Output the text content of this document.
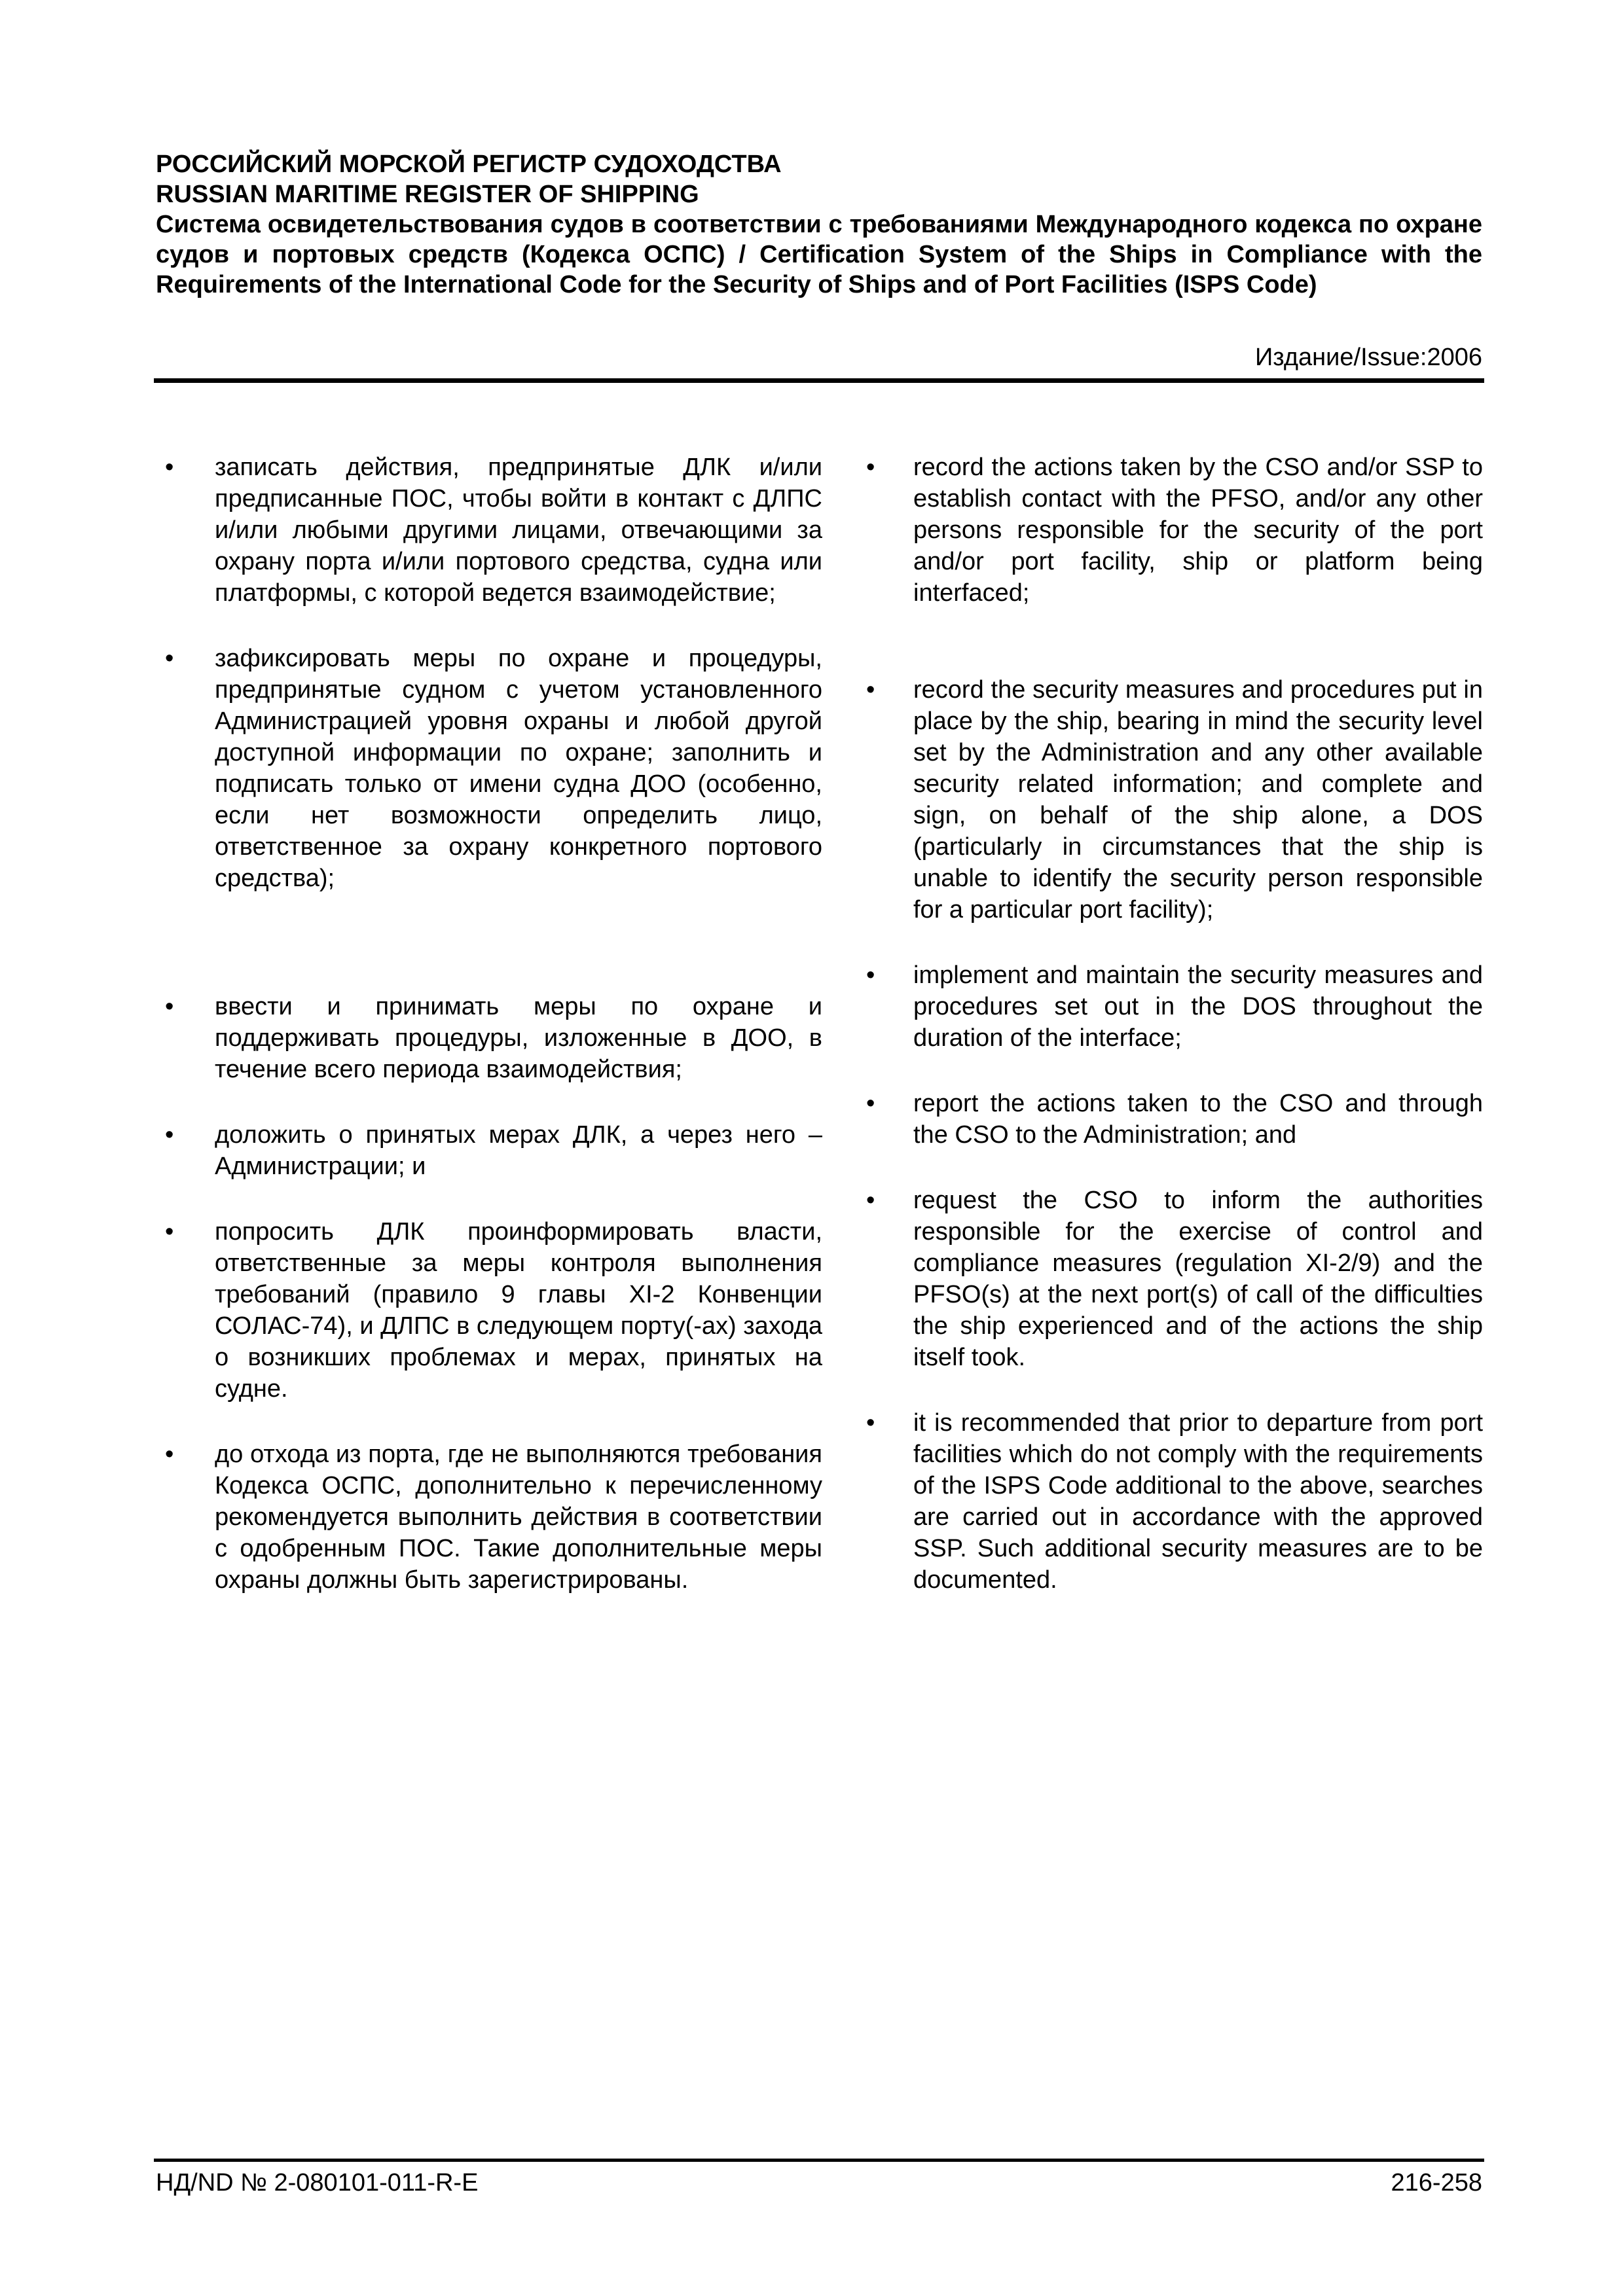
РОССИЙСКИЙ МОРСКОЙ РЕГИСТР СУДОХОДСТВА

RUSSIAN MARITIME REGISTER OF SHIPPING

Система освидетельствования судов в соответствии с требованиями Международного кодекса по охране судов и портовых средств (Кодекса ОСПС) / Certification System of the Ships in Compliance with the Requirements of the International Code for the Security of Ships and of Port Facilities (ISPS Code)

Издание/Issue:2006
• записать действия, предпринятые ДЛК и/или предписанные ПОС, чтобы войти в контакт с ДЛПС и/или любыми другими лицами, отвечающими за охрану порта и/или портового средства, судна или платформы, с которой ведется взаимодействие;
• зафиксировать меры по охране и процедуры, предпринятые судном с учетом установленного Администрацией уровня охраны и любой другой доступной информации по охране; заполнить и подписать только от имени судна ДОО (особенно, если нет возможности определить лицо, ответственное за охрану конкретного портового средства);
• ввести и принимать меры по охране и поддерживать процедуры, изложенные в ДОО, в течение всего периода взаимодействия;
• доложить о принятых мерах ДЛК, а через него – Администрации; и
• попросить ДЛК проинформировать власти, ответственные за меры контроля выполнения требований (правило 9 главы XI-2 Конвенции СОЛАС-74), и ДЛПС в следующем порту(-ах) захода о возникших проблемах и мерах, принятых на судне.
• до отхода из порта, где не выполняются требования Кодекса ОСПС, дополнительно к перечисленному рекомендуется выполнить действия в соответствии с одобренным ПОС. Такие дополнительные меры охраны должны быть зарегистрированы.
• record the actions taken by the CSO and/or SSP to establish contact with the PFSO, and/or any other persons responsible for the security of the port and/or port facility, ship or platform being interfaced;
• record the security measures and procedures put in place by the ship, bearing in mind the security level set by the Administration and any other available security related information; and complete and sign, on behalf of the ship alone, a DOS (particularly in circumstances that the ship is unable to identify the security person responsible for a particular port facility);
• implement and maintain the security measures and procedures set out in the DOS throughout the duration of the interface;
• report the actions taken to the CSO and through the CSO to the Administration; and
• request the CSO to inform the authorities responsible for the exercise of control and compliance measures (regulation XI-2/9) and the PFSO(s) at the next port(s) of call of the difficulties the ship experienced and of the actions the ship itself took.
• it is recommended that prior to departure from port facilities which do not comply with the requirements of the ISPS Code additional to the above, searches are carried out in accordance with the approved SSP. Such additional security measures are to be documented.
НД/ND № 2-080101-011-R-E	216-258
